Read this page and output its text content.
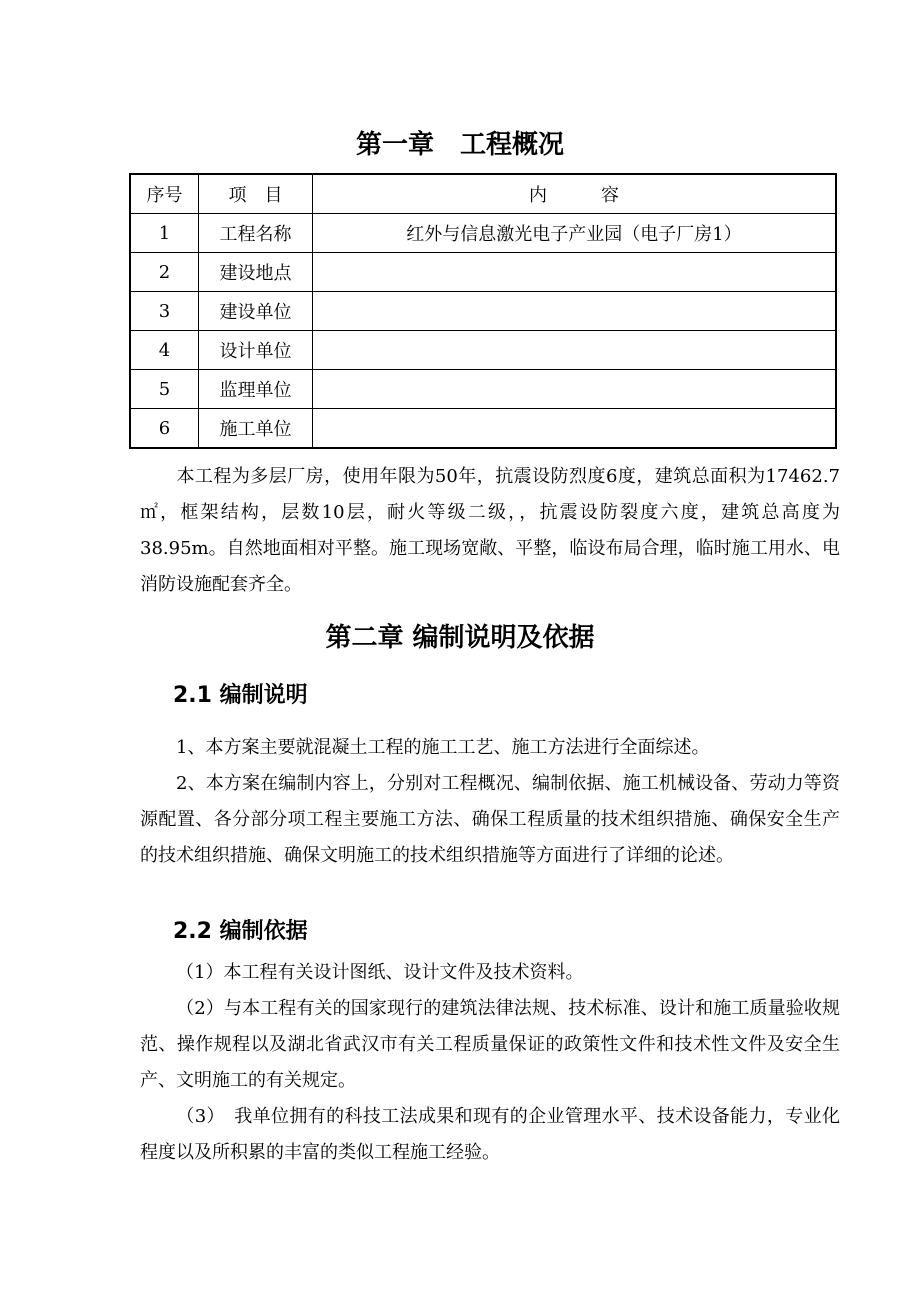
第一章　工程概况
序号	项　目	内　　　容
1	工程名称	红外与信息激光电子产业园（电子厂房1）
2	建设地点	
3	建设单位	
4	设计单位	
5	监理单位	
6	施工单位	
本工程为多层厂房，使用年限为50年，抗震设防烈度6度，建筑总面积为17462.7㎡，框架结构，层数10层，耐火等级二级，，抗震设防裂度六度，建筑总高度为38.95m。自然地面相对平整。施工现场宽敞、平整，临设布局合理，临时施工用水、电消防设施配套齐全。
第二章 编制说明及依据
2.1 编制说明
1、本方案主要就混凝土工程的施工工艺、施工方法进行全面综述。
2、本方案在编制内容上，分别对工程概况、编制依据、施工机械设备、劳动力等资源配置、各分部分项工程主要施工方法、确保工程质量的技术组织措施、确保安全生产的技术组织措施、确保文明施工的技术组织措施等方面进行了详细的论述。
2.2 编制依据
（1）本工程有关设计图纸、设计文件及技术资料。
（2）与本工程有关的国家现行的建筑法律法规、技术标准、设计和施工质量验收规范、操作规程以及湖北省武汉市有关工程质量保证的政策性文件和技术性文件及安全生产、文明施工的有关规定。
（3）　我单位拥有的科技工法成果和现有的企业管理水平、技术设备能力，专业化程度以及所积累的丰富的类似工程施工经验。
